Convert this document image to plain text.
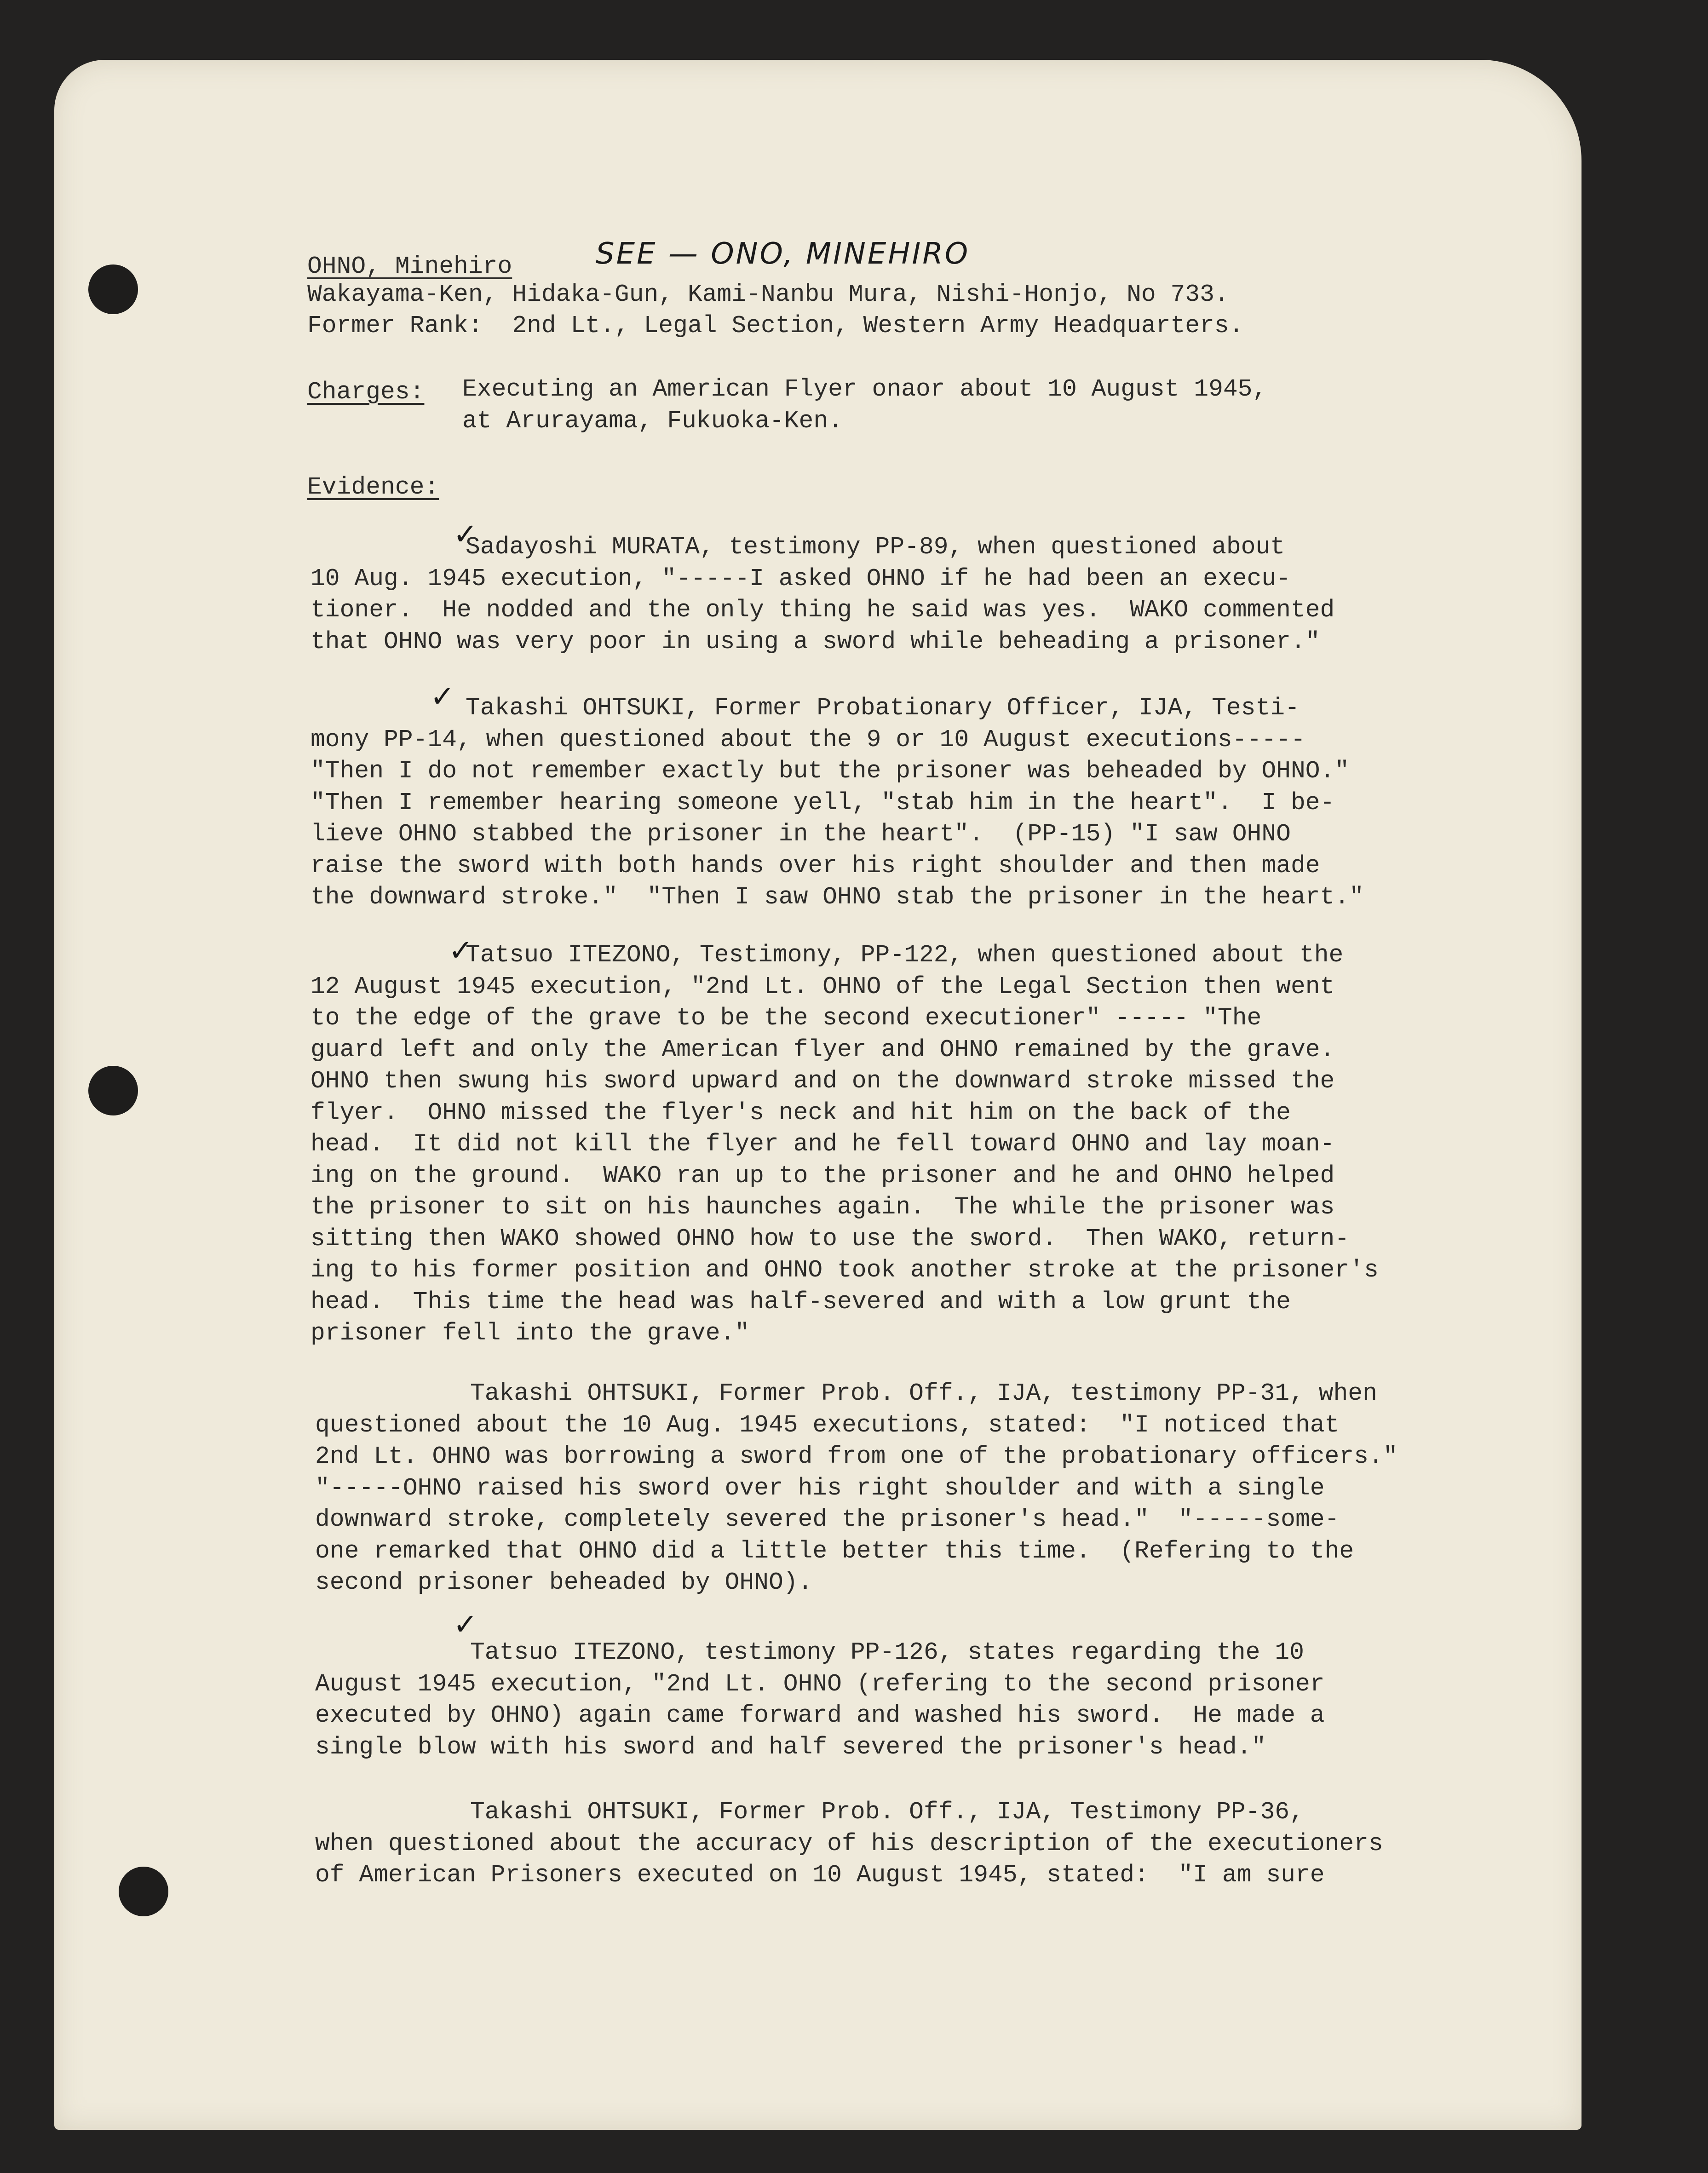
OHNO, Minehiro	SEE — ONO, MINEHIRO

Wakayama-Ken, Hidaka-Gun, Kami-Nanbu Mura, Nishi-Honjo, No 733.

Former Rank:  2nd Lt., Legal Section, Western Army Headquarters.

Charges: Executing an American Flyer onaor about 10 August 1945,
at Arurayama, Fukuoka-Ken.

Evidence:

✓
Sadayoshi MURATA, testimony PP-89, when questioned about
10 Aug. 1945 execution, "-----I asked OHNO if he had been an execu-
tioner.  He nodded and the only thing he said was yes.  WAKO commented
that OHNO was very poor in using a sword while beheading a prisoner."
✓ Takashi OHTSUKI, Former Probationary Officer, IJA, Testi-
mony PP-14, when questioned about the 9 or 10 August executions-----
"Then I do not remember exactly but the prisoner was beheaded by OHNO."
"Then I remember hearing someone yell, "stab him in the heart".  I be-
lieve OHNO stabbed the prisoner in the heart".  (PP-15) "I saw OHNO
raise the sword with both hands over his right shoulder and then made
the downward stroke."  "Then I saw OHNO stab the prisoner in the heart."
✓
Tatsuo ITEZONO, Testimony, PP-122, when questioned about the
12 August 1945 execution, "2nd Lt. OHNO of the Legal Section then went
to the edge of the grave to be the second executioner" ----- "The
guard left and only the American flyer and OHNO remained by the grave.
OHNO then swung his sword upward and on the downward stroke missed the
flyer.  OHNO missed the flyer's neck and hit him on the back of the
head.  It did not kill the flyer and he fell toward OHNO and lay moan-
ing on the ground.  WAKO ran up to the prisoner and he and OHNO helped
the prisoner to sit on his haunches again.  The while the prisoner was
sitting then WAKO showed OHNO how to use the sword.  Then WAKO, return-
ing to his former position and OHNO took another stroke at the prisoner's
head.  This time the head was half-severed and with a low grunt the
prisoner fell into the grave."
Takashi OHTSUKI, Former Prob. Off., IJA, testimony PP-31, when
questioned about the 10 Aug. 1945 executions, stated:  "I noticed that
2nd Lt. OHNO was borrowing a sword from one of the probationary officers."
"-----OHNO raised his sword over his right shoulder and with a single
downward stroke, completely severed the prisoner's head."  "-----some-
one remarked that OHNO did a little better this time.  (Refering to the
second prisoner beheaded by OHNO).
✓
Tatsuo ITEZONO, testimony PP-126, states regarding the 10
August 1945 execution, "2nd Lt. OHNO (refering to the second prisoner
executed by OHNO) again came forward and washed his sword.  He made a
single blow with his sword and half severed the prisoner's head."
Takashi OHTSUKI, Former Prob. Off., IJA, Testimony PP-36,
when questioned about the accuracy of his description of the executioners
of American Prisoners executed on 10 August 1945, stated:  "I am sure
